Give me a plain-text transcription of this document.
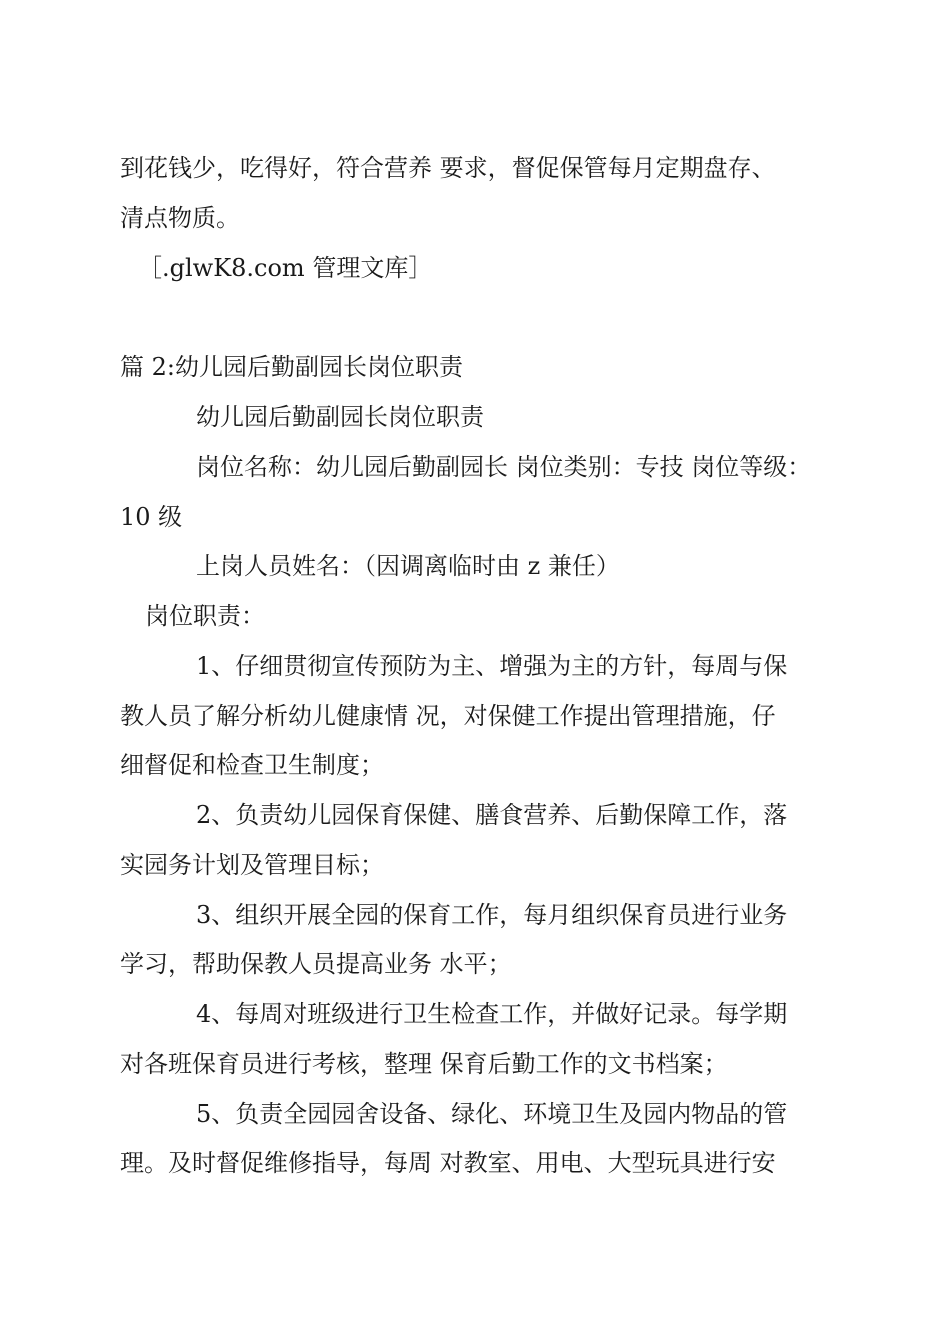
到花钱少，吃得好，符合营养 要求，督促保管每月定期盘存、
清点物质。
［.glwK8.com 管理文库］
篇 2:幼儿园后勤副园长岗位职责
幼儿园后勤副园长岗位职责
岗位名称：幼儿园后勤副园长 岗位类别：专技 岗位等级：
10 级
上岗人员姓名：（因调离临时由 z 兼任）
岗位职责：
1、仔细贯彻宣传预防为主、增强为主的方针，每周与保
教人员了解分析幼儿健康情 况，对保健工作提出管理措施，仔
细督促和检查卫生制度；
2、负责幼儿园保育保健、膳食营养、后勤保障工作，落
实园务计划及管理目标；
3、组织开展全园的保育工作，每月组织保育员进行业务
学习，帮助保教人员提高业务 水平；
4、每周对班级进行卫生检查工作，并做好记录。每学期
对各班保育员进行考核，整理 保育后勤工作的文书档案；
5、负责全园园舍设备、绿化、环境卫生及园内物品的管
理。及时督促维修指导，每周 对教室、用电、大型玩具进行安
